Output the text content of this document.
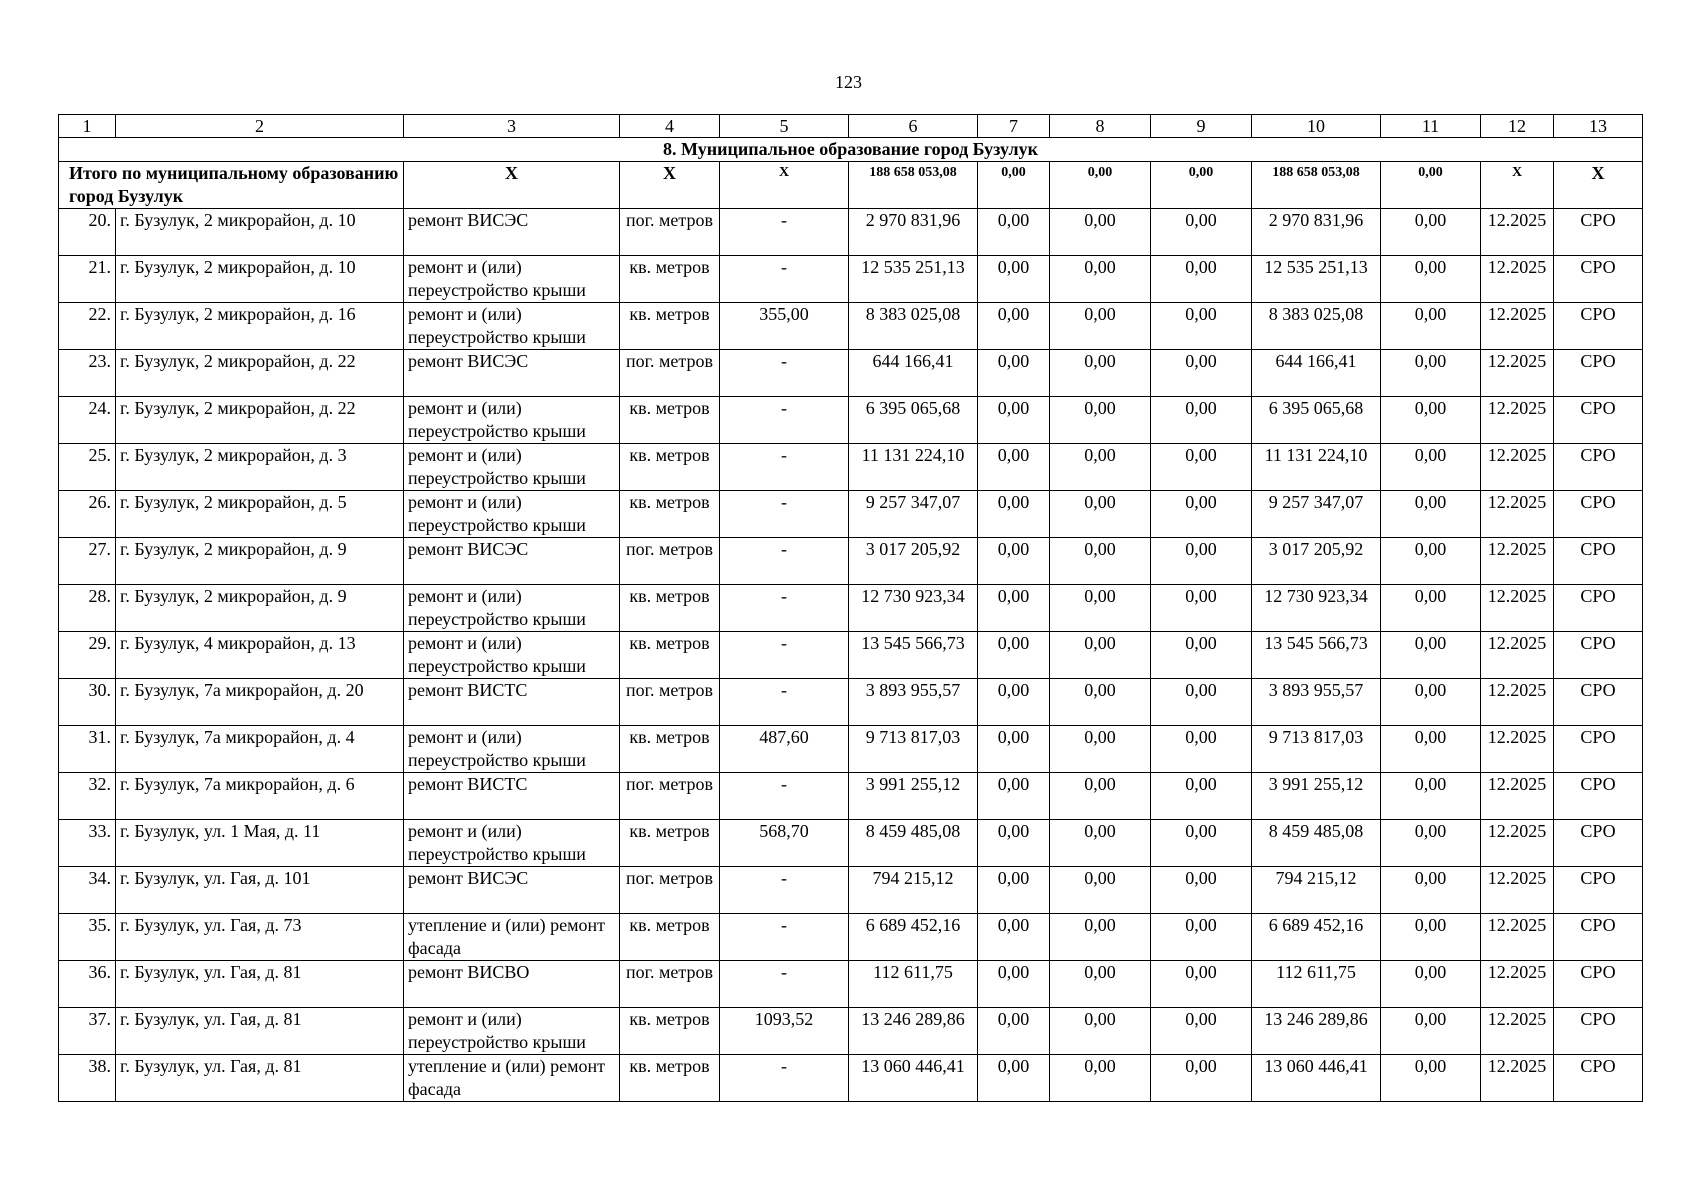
123
1	2	3	4	5	6	7	8	9	10	11	12	13
8. Муниципальное образование город Бузулук												
Итого по муниципальному образованию город Бузулук		Х	Х	Х	188 658 053,08	0,00	0,00	0,00	188 658 053,08	0,00	Х	Х
20.	г. Бузулук, 2 микрорайон, д. 10	ремонт ВИСЭС	пог. метров	-	2 970 831,96	0,00	0,00	0,00	2 970 831,96	0,00	12.2025	СРО
21.	г. Бузулук, 2 микрорайон, д. 10	ремонт и (или) переустройство крыши	кв. метров	-	12 535 251,13	0,00	0,00	0,00	12 535 251,13	0,00	12.2025	СРО
22.	г. Бузулук, 2 микрорайон, д. 16	ремонт и (или) переустройство крыши	кв. метров	355,00	8 383 025,08	0,00	0,00	0,00	8 383 025,08	0,00	12.2025	СРО
23.	г. Бузулук, 2 микрорайон, д. 22	ремонт ВИСЭС	пог. метров	-	644 166,41	0,00	0,00	0,00	644 166,41	0,00	12.2025	СРО
24.	г. Бузулук, 2 микрорайон, д. 22	ремонт и (или) переустройство крыши	кв. метров	-	6 395 065,68	0,00	0,00	0,00	6 395 065,68	0,00	12.2025	СРО
25.	г. Бузулук, 2 микрорайон, д. 3	ремонт и (или) переустройство крыши	кв. метров	-	11 131 224,10	0,00	0,00	0,00	11 131 224,10	0,00	12.2025	СРО
26.	г. Бузулук, 2 микрорайон, д. 5	ремонт и (или) переустройство крыши	кв. метров	-	9 257 347,07	0,00	0,00	0,00	9 257 347,07	0,00	12.2025	СРО
27.	г. Бузулук, 2 микрорайон, д. 9	ремонт ВИСЭС	пог. метров	-	3 017 205,92	0,00	0,00	0,00	3 017 205,92	0,00	12.2025	СРО
28.	г. Бузулук, 2 микрорайон, д. 9	ремонт и (или) переустройство крыши	кв. метров	-	12 730 923,34	0,00	0,00	0,00	12 730 923,34	0,00	12.2025	СРО
29.	г. Бузулук, 4 микрорайон, д. 13	ремонт и (или) переустройство крыши	кв. метров	-	13 545 566,73	0,00	0,00	0,00	13 545 566,73	0,00	12.2025	СРО
30.	г. Бузулук, 7а микрорайон, д. 20	ремонт ВИСТС	пог. метров	-	3 893 955,57	0,00	0,00	0,00	3 893 955,57	0,00	12.2025	СРО
31.	г. Бузулук, 7а микрорайон, д. 4	ремонт и (или) переустройство крыши	кв. метров	487,60	9 713 817,03	0,00	0,00	0,00	9 713 817,03	0,00	12.2025	СРО
32.	г. Бузулук, 7а микрорайон, д. 6	ремонт ВИСТС	пог. метров	-	3 991 255,12	0,00	0,00	0,00	3 991 255,12	0,00	12.2025	СРО
33.	г. Бузулук, ул. 1 Мая, д. 11	ремонт и (или) переустройство крыши	кв. метров	568,70	8 459 485,08	0,00	0,00	0,00	8 459 485,08	0,00	12.2025	СРО
34.	г. Бузулук, ул. Гая, д. 101	ремонт ВИСЭС	пог. метров	-	794 215,12	0,00	0,00	0,00	794 215,12	0,00	12.2025	СРО
35.	г. Бузулук, ул. Гая, д. 73	утепление и (или) ремонт фасада	кв. метров	-	6 689 452,16	0,00	0,00	0,00	6 689 452,16	0,00	12.2025	СРО
36.	г. Бузулук, ул. Гая, д. 81	ремонт ВИСВО	пог. метров	-	112 611,75	0,00	0,00	0,00	112 611,75	0,00	12.2025	СРО
37.	г. Бузулук, ул. Гая, д. 81	ремонт и (или) переустройство крыши	кв. метров	1093,52	13 246 289,86	0,00	0,00	0,00	13 246 289,86	0,00	12.2025	СРО
38.	г. Бузулук, ул. Гая, д. 81	утепление и (или) ремонт фасада	кв. метров	-	13 060 446,41	0,00	0,00	0,00	13 060 446,41	0,00	12.2025	СРО
